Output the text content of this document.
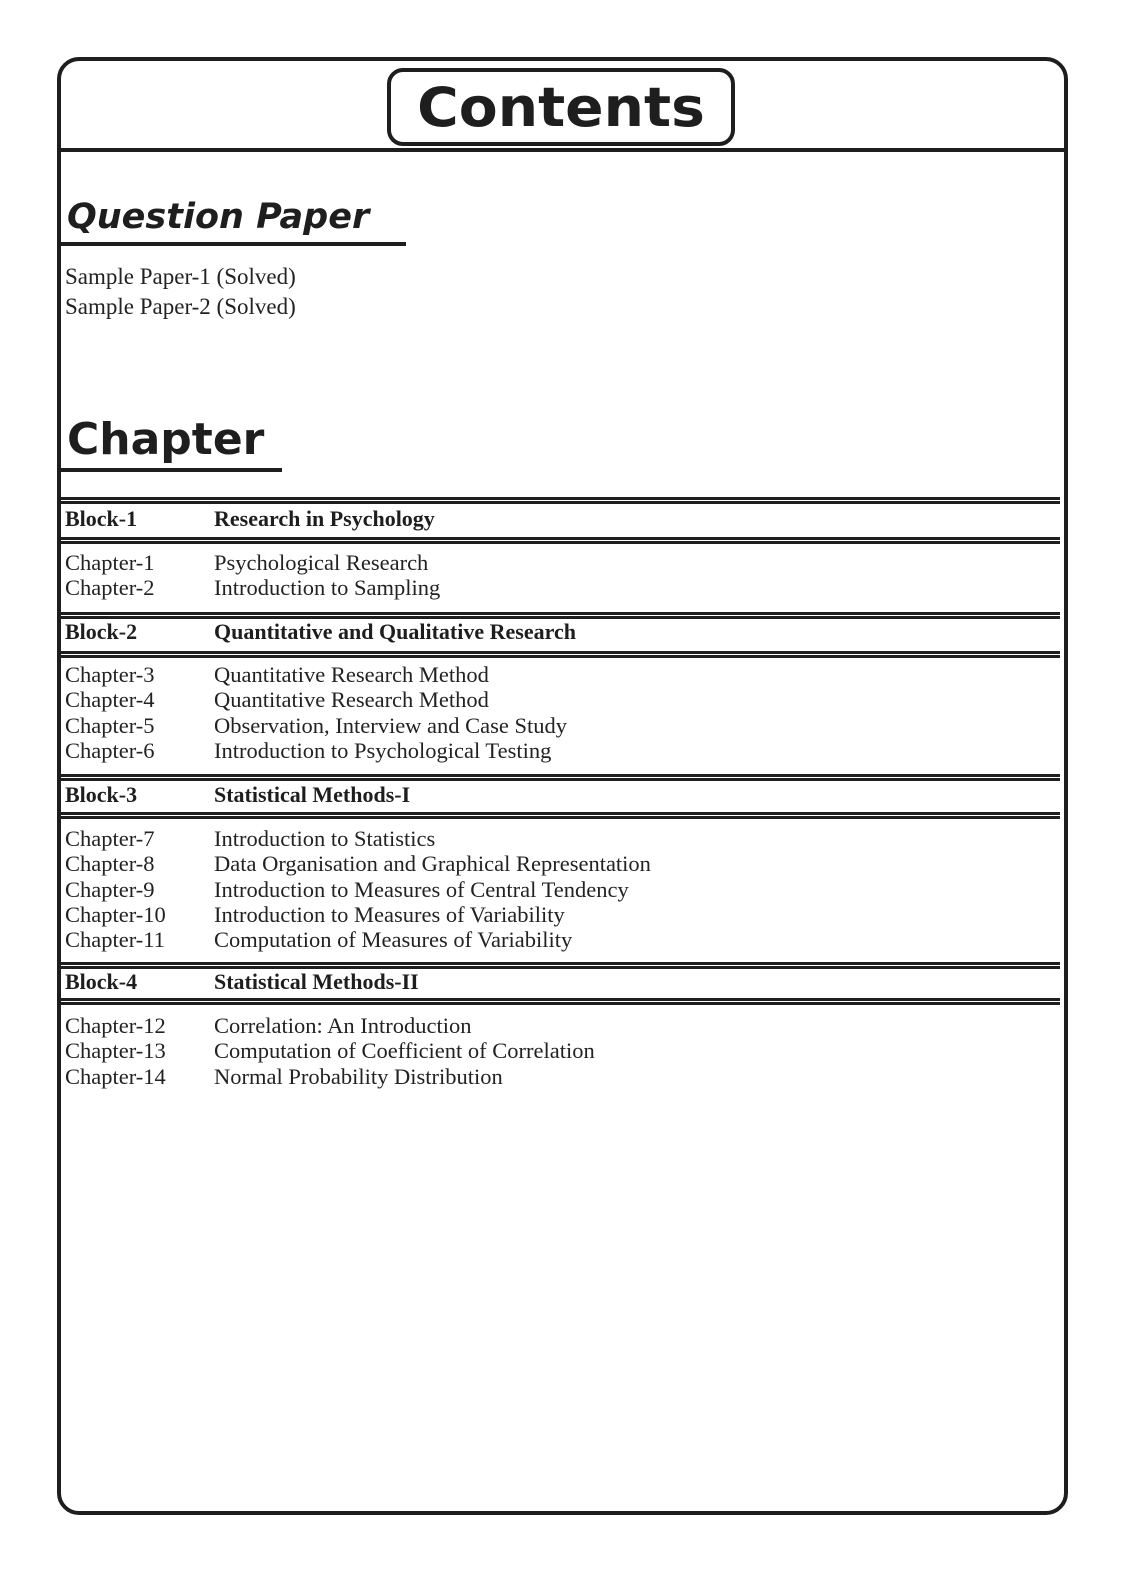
Contents
Question Paper
Sample Paper-1 (Solved)
Sample Paper-2 (Solved)
Chapter
Block-1	Research in Psychology
Chapter-1	Psychological Research
Chapter-2	Introduction to Sampling
Block-2	Quantitative and Qualitative Research
Chapter-3	Quantitative Research Method
Chapter-4	Quantitative Research Method
Chapter-5	Observation, Interview and Case Study
Chapter-6	Introduction to Psychological Testing
Block-3	Statistical Methods-I
Chapter-7	Introduction to Statistics
Chapter-8	Data Organisation and Graphical Representation
Chapter-9	Introduction to Measures of Central Tendency
Chapter-10 Introduction to Measures of Variability
Chapter-11 Computation of Measures of Variability
Block-4	Statistical Methods-II
Chapter-12 Correlation: An Introduction
Chapter-13 Computation of Coefficient of Correlation
Chapter-14 Normal Probability Distribution
